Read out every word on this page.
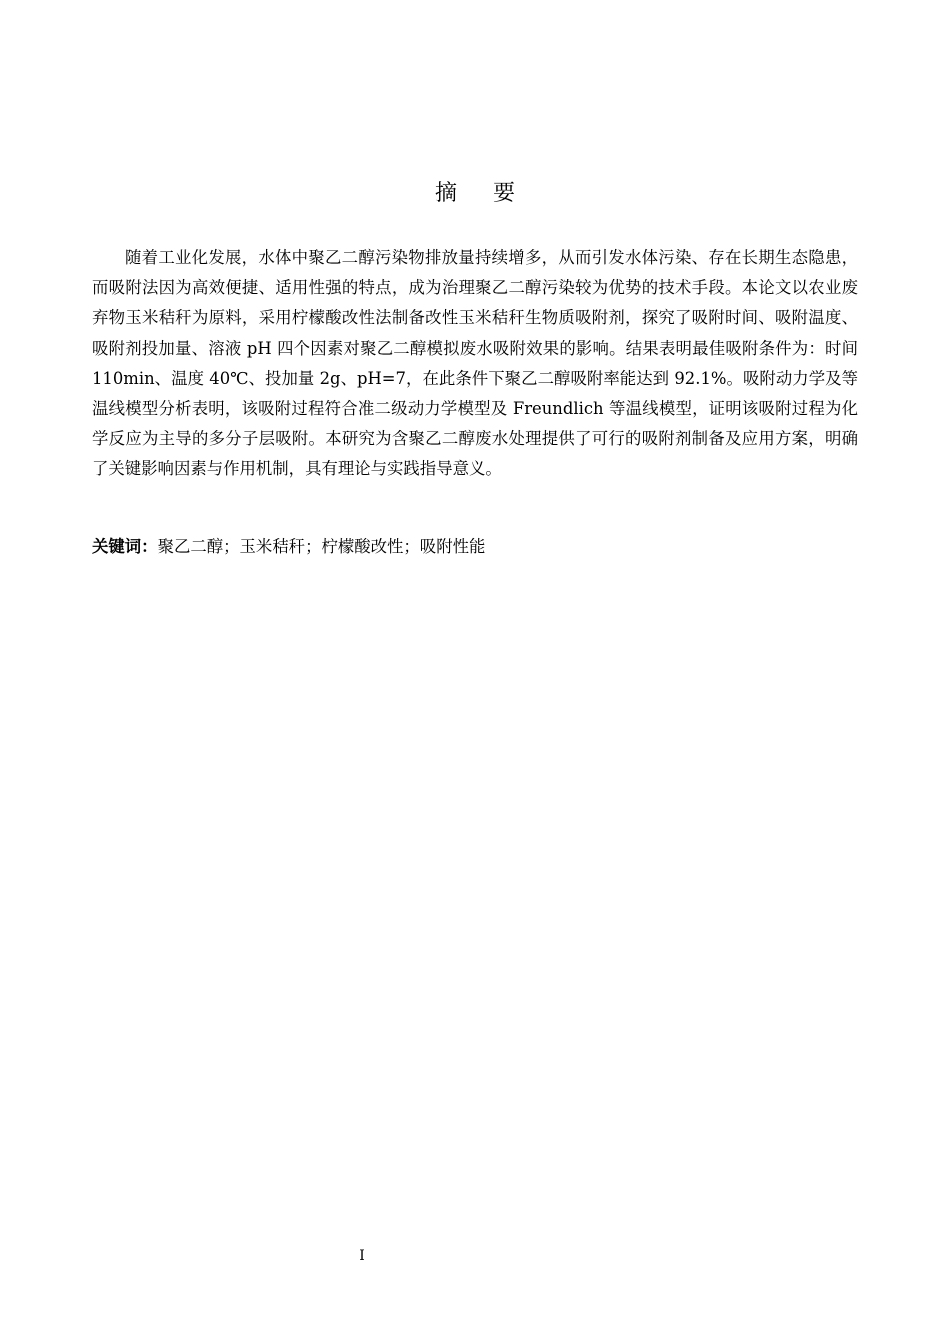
摘要

随着工业化发展，水体中聚乙二醇污染物排放量持续增多，从而引发水体污染、存在长期生态隐患，而吸附法因为高效便捷、适用性强的特点，成为治理聚乙二醇污染较为优势的技术手段。本论文以农业废弃物玉米秸秆为原料，采用柠檬酸改性法制备改性玉米秸秆生物质吸附剂，探究了吸附时间、吸附温度、吸附剂投加量、溶液 pH 四个因素对聚乙二醇模拟废水吸附效果的影响。结果表明最佳吸附条件为：时间 110min、温度 40℃、投加量 2g、pH=7，在此条件下聚乙二醇吸附率能达到 92.1%。吸附动力学及等温线模型分析表明，该吸附过程符合准二级动力学模型及 Freundlich 等温线模型，证明该吸附过程为化学反应为主导的多分子层吸附。本研究为含聚乙二醇废水处理提供了可行的吸附剂制备及应用方案，明确了关键影响因素与作用机制，具有理论与实践指导意义。

关键词：聚乙二醇；玉米秸秆；柠檬酸改性；吸附性能

I
